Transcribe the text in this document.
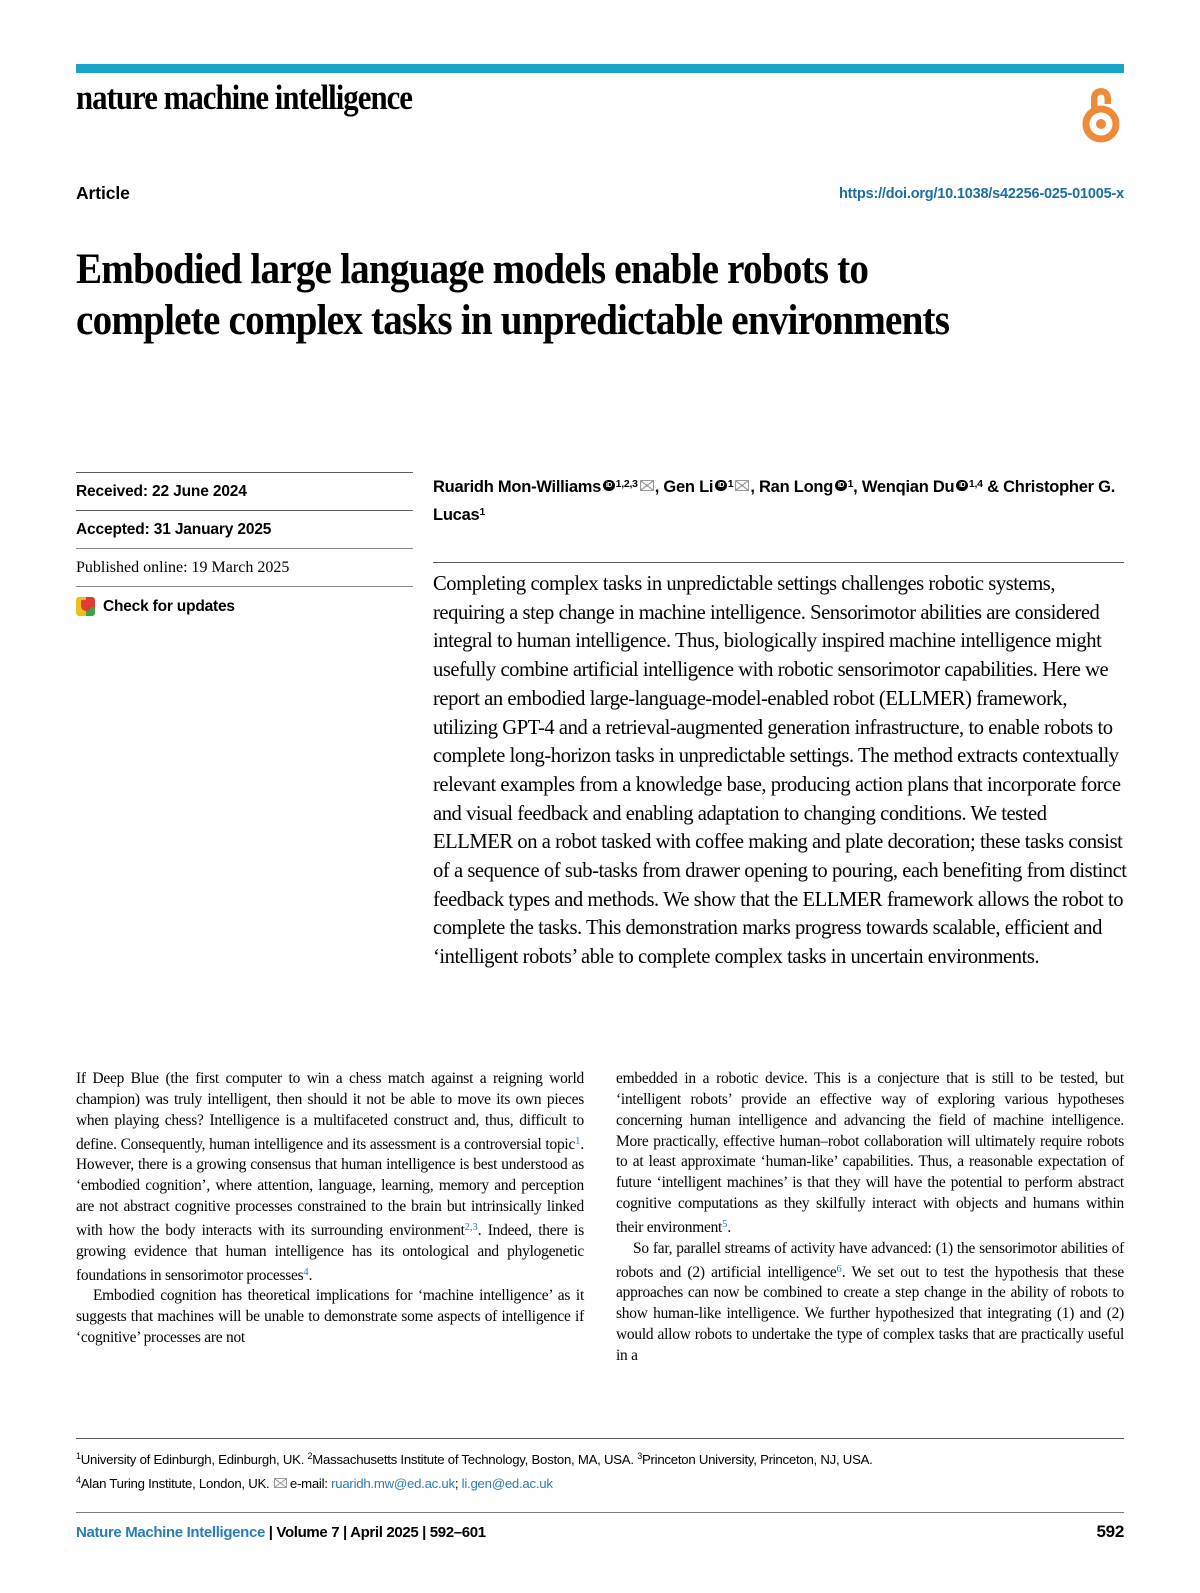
nature machine intelligence
Article	https://doi.org/10.1038/s42256-025-01005-x
Embodied large language models enable robots to complete complex tasks in unpredictable environments
Received: 22 June 2024
Accepted: 31 January 2025
Published online: 19 March 2025
Check for updates
Ruaridh Mon-Williams iD $^{1,2,3}$ , Gen Li iD $^1$ , Ran Long iD $^1$, Wenqian Du iD $^{1,4}$ & Christopher G. Lucas$^1$
Completing complex tasks in unpredictable settings challenges robotic systems, requiring a step change in machine intelligence. Sensorimotor abilities are considered integral to human intelligence. Thus, biologically inspired machine intelligence might usefully combine artificial intelligence with robotic sensorimotor capabilities. Here we report an embodied large-language-model-enabled robot (ELLMER) framework, utilizing GPT-4 and a retrieval-augmented generation infrastructure, to enable robots to complete long-horizon tasks in unpredictable settings. The method extracts contextually relevant examples from a knowledge base, producing action plans that incorporate force and visual feedback and enabling adaptation to changing conditions. We tested ELLMER on a robot tasked with coffee making and plate decoration; these tasks consist of a sequence of sub-tasks from drawer opening to pouring, each benefiting from distinct feedback types and methods. We show that the ELLMER framework allows the robot to complete the tasks. This demonstration marks progress towards scalable, efficient and ‘intelligent robots’ able to complete complex tasks in uncertain environments.

If Deep Blue (the first computer to win a chess match against a reigning world champion) was truly intelligent, then should it not be able to move its own pieces when playing chess? Intelligence is a multifaceted construct and, thus, difficult to define. Consequently, human intelligence and its assessment is a controversial topic$^1$. However, there is a growing consensus that human intelligence is best understood as ‘embodied cognition’, where attention, language, learning, memory and perception are not abstract cognitive processes constrained to the brain but intrinsically linked with how the body interacts with its surrounding environment$^{2,3}$. Indeed, there is growing evidence that human intelligence has its ontological and phylogenetic foundations in sensorimotor processes$^4$.

Embodied cognition has theoretical implications for ‘machine intelligence’ as it suggests that machines will be unable to demonstrate some aspects of intelligence if ‘cognitive’ processes are not

embedded in a robotic device. This is a conjecture that is still to be tested, but ‘intelligent robots’ provide an effective way of exploring various hypotheses concerning human intelligence and advancing the field of machine intelligence. More practically, effective human–robot collaboration will ultimately require robots to at least approximate ‘human-like’ capabilities. Thus, a reasonable expectation of future ‘intelligent machines’ is that they will have the potential to perform abstract cognitive computations as they skilfully interact with objects and humans within their environment$^5$.

So far, parallel streams of activity have advanced: (1) the sensorimotor abilities of robots and (2) artificial intelligence$^6$. We set out to test the hypothesis that these approaches can now be combined to create a step change in the ability of robots to show human-like intelligence. We further hypothesized that integrating (1) and (2) would allow robots to undertake the type of complex tasks that are practically useful in a

$^1$University of Edinburgh, Edinburgh, UK. $^2$Massachusetts Institute of Technology, Boston, MA, USA. $^3$Princeton University, Princeton, NJ, USA.
$^4$Alan Turing Institute, London, UK. e-mail: ruaridh.mw@ed.ac.uk; li.gen@ed.ac.uk
Nature Machine Intelligence | Volume 7 | April 2025 | 592–601	592
